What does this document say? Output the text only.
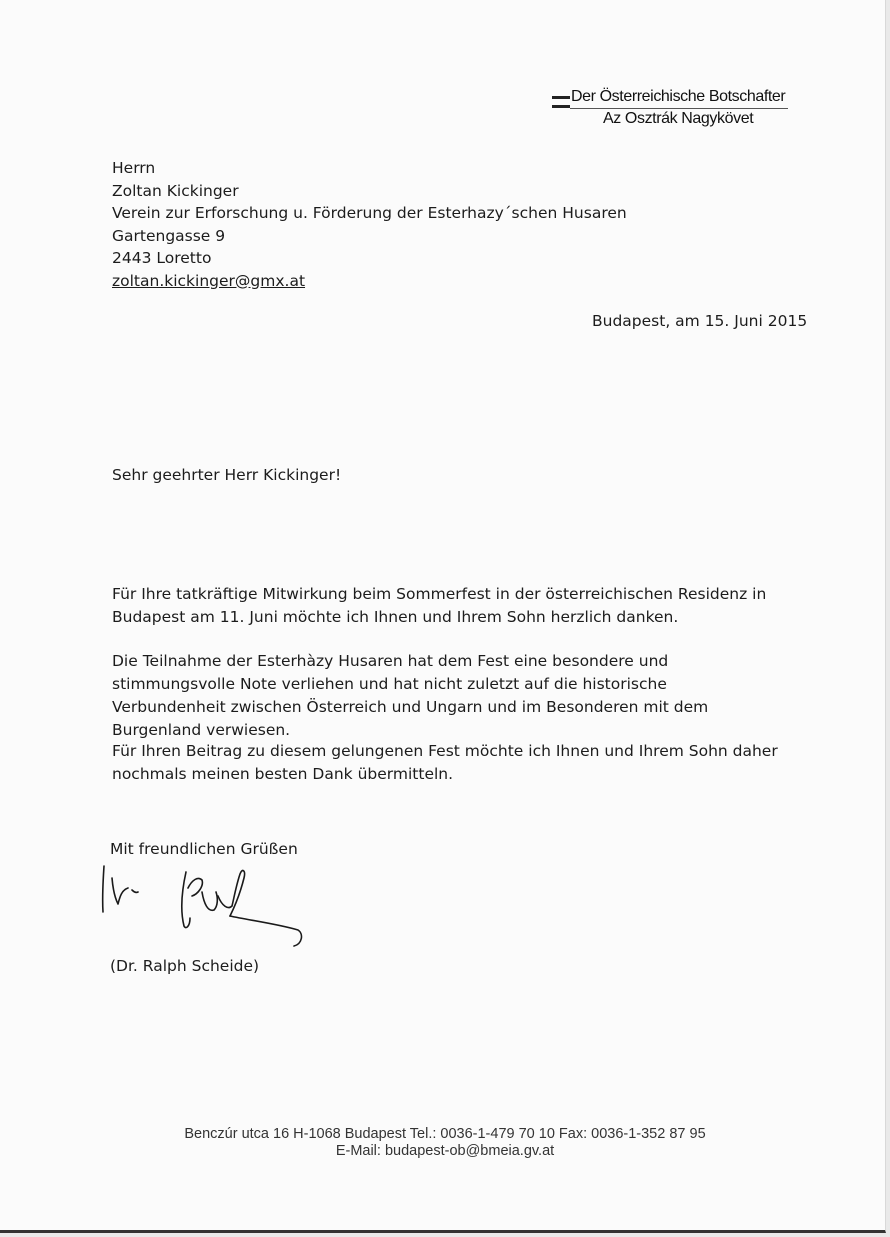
Der Österreichische Botschafter
Az Osztrák Nagykövet
Herrn
Zoltan Kickinger
Verein zur Erforschung u. Förderung der Esterhazy´schen Husaren
Gartengasse 9
2443 Loretto
zoltan.kickinger@gmx.at
Budapest, am 15. Juni 2015
Sehr geehrter Herr Kickinger!

Für Ihre tatkräftige Mitwirkung beim Sommerfest in der österreichischen Residenz in Budapest am 11. Juni möchte ich Ihnen und Ihrem Sohn herzlich danken.

Die Teilnahme der Esterhàzy Husaren hat dem Fest eine besondere und stimmungsvolle Note verliehen und hat nicht zuletzt auf die historische Verbundenheit zwischen Österreich und Ungarn und im Besonderen mit dem Burgenland verwiesen.

Für Ihren Beitrag zu diesem gelungenen Fest möchte ich Ihnen und Ihrem Sohn daher nochmals meinen besten Dank übermitteln.

Mit freundlichen Grüßen
(Dr. Ralph Scheide)
Benczúr utca 16 H-1068 Budapest Tel.: 0036-1-479 70 10 Fax: 0036-1-352 87 95
E-Mail: budapest-ob@bmeia.gv.at
